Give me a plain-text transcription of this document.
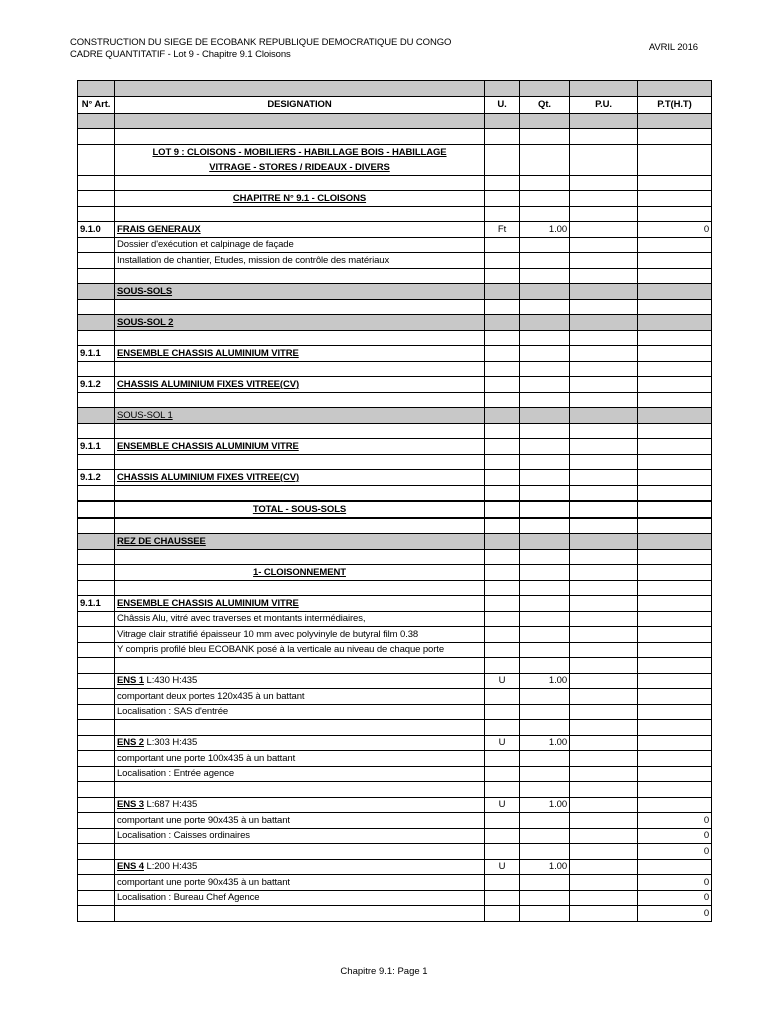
CONSTRUCTION DU SIEGE DE ECOBANK REPUBLIQUE DEMOCRATIQUE DU CONGO
CADRE QUANTITATIF - Lot 9 - Chapitre 9.1 Cloisons
AVRIL 2016

N° Art.	DESIGNATION	U.	Qt.	P.U.	P.T(H.T)

	LOT 9 : CLOISONS - MOBILIERS - HABILLAGE BOIS - HABILLAGE				
	VITRAGE - STORES / RIDEAUX - DIVERS				

	CHAPITRE N° 9.1 - CLOISONS				

9.1.0	FRAIS GENERAUX	Ft	1.00		0
	Dossier d'exécution et calpinage de façade				
	Installation de chantier, Etudes, mission de contrôle des matériaux				

	SOUS-SOLS				

	SOUS-SOL 2				

9.1.1	ENSEMBLE CHASSIS ALUMINIUM VITRE				

9.1.2	CHASSIS ALUMINIUM FIXES VITREE(CV)				

	SOUS-SOL 1				

9.1.1	ENSEMBLE CHASSIS ALUMINIUM VITRE				

9.1.2	CHASSIS ALUMINIUM FIXES VITREE(CV)				

	TOTAL - SOUS-SOLS				

	REZ DE CHAUSSEE				

	1- CLOISONNEMENT				

9.1.1	ENSEMBLE CHASSIS ALUMINIUM VITRE				
	Châssis Alu, vitré avec traverses et montants intermédiaires,				
	Vitrage clair stratifié épaisseur 10 mm avec polyvinyle de butyral film 0.38				
	Y compris profilé bleu ECOBANK posé à la verticale au niveau de chaque porte				

	ENS 1 L:430 H:435	U	1.00		
	comportant deux portes 120x435 à un battant				
	Localisation : SAS d'entrée				

	ENS 2 L:303 H:435	U	1.00		
	comportant une porte 100x435 à un battant				
	Localisation : Entrée agence				

	ENS 3 L:687 H:435	U	1.00		
	comportant une porte 90x435 à un battant				0
	Localisation : Caisses ordinaires				0
					0
	ENS 4 L:200 H:435	U	1.00		
	comportant une porte 90x435 à un battant				0
	Localisation : Bureau Chef Agence				0
					0
Chapitre 9.1: Page 1
